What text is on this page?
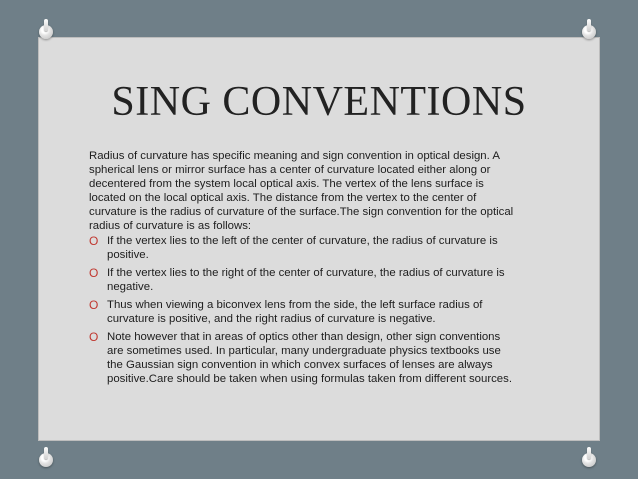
SING CONVENTIONS

Radius of curvature has specific meaning and sign convention in optical design. A spherical lens or mirror surface has a center of curvature located either along or decentered from the system local optical axis. The vertex of the lens surface is located on the local optical axis. The distance from the vertex to the center of curvature is the radius of curvature of the surface.The sign convention for the optical radius of curvature is as follows:

O If the vertex lies to the left of the center of curvature, the radius of curvature is positive.
O If the vertex lies to the right of the center of curvature, the radius of curvature is negative.
O Thus when viewing a biconvex lens from the side, the left surface radius of curvature is positive, and the right radius of curvature is negative.
O Note however that in areas of optics other than design, other sign conventions are sometimes used. In particular, many undergraduate physics textbooks use the Gaussian sign convention in which convex surfaces of lenses are always positive.Care should be taken when using formulas taken from different sources.
